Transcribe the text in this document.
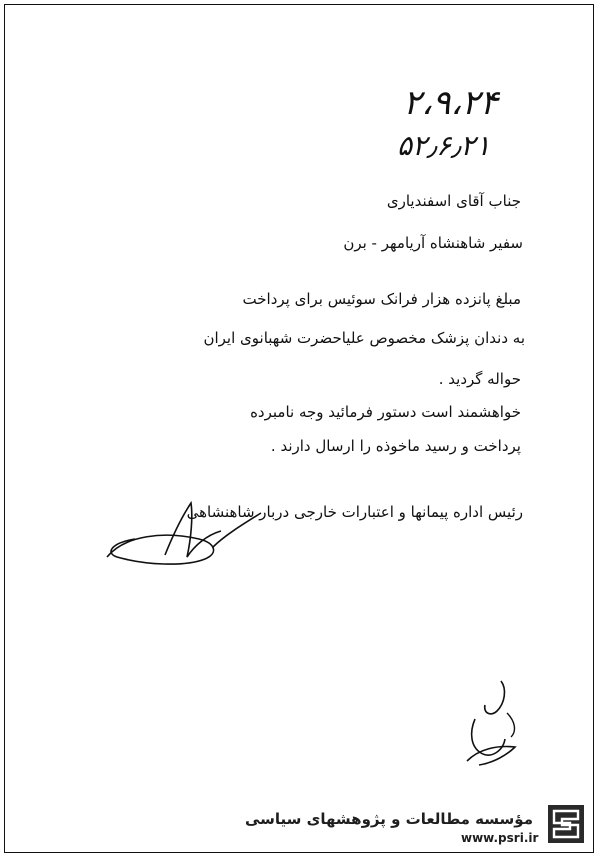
۲،۹،۲۴
۵۲٫۶٫۲۱
جناب آقای اسفندیاری
سفیر شاهنشاه آریامهر - برن
مبلغ پانزده هزار فرانک سوئیس برای پرداخت
به دندان پزشک مخصوص علیاحضرت شهبانوی ایران
حواله گردید .
خواهشمند است دستور فرمائید وجه نامبرده
پرداخت و رسید ماخوذه را ارسال دارند .
رئیس اداره پیمانها و اعتبارات خارجی دربار شاهنشاهی
مؤسسه مطالعات و پژوهشهای سیاسی
www.psri.ir
